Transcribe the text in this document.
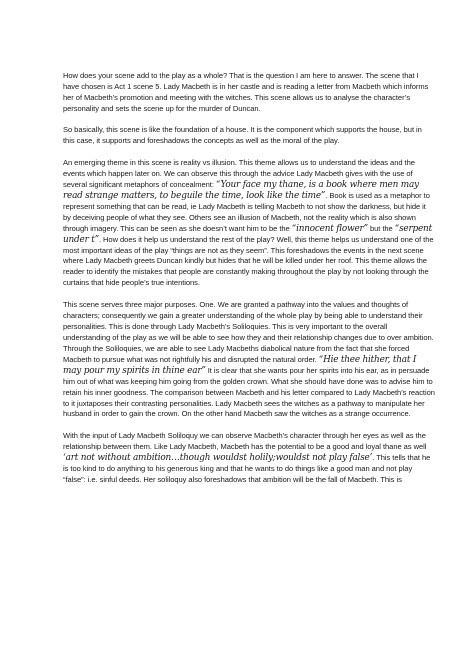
How does your scene add to the play as a whole? That is the question I am here to answer. The scene that I have chosen is Act 1 scene 5. Lady Macbeth is in her castle and is reading a letter from Macbeth which informs her of Macbeth’s promotion and meeting with the witches. This scene allows us to analyse the character’s personality and sets the scene up for the murder of Duncan.

So basically, this scene is like the foundation of a house. It is the component which supports the house, but in this case, it supports and foreshadows the concepts as well as the moral of the play.

An emerging theme in this scene is reality vs illusion. This theme allows us to understand the ideas and the events which happen later on. We can observe this through the advice Lady Macbeth gives with the use of several significant metaphors of concealment: “Your face my thane, is a book where men may read strange matters, to beguile the time, look like the time”. Book is used as a metaphor to represent something that can be read, ie Lady Macbeth is telling Macbeth to not show the darkness, but hide it by deceiving people of what they see. Others see an illusion of Macbeth, not the reality which is also shown through imagery. This can be seen as she doesn’t want him to be the “innocent flower” but the “serpent under t”. How does it help us understand the rest of the play? Well, this theme helps us understand one of the most important ideas of the play “things are not as they seem”. This foreshadows the events in the next scene where Lady Macbeth greets Duncan kindly but hides that he will be killed under her roof. This theme allows the reader to identify the mistakes that people are constantly making throughout the play by not looking through the curtains that hide people’s true intentions.

This scene serves three major purposes. One. We are granted a pathway into the values and thoughts of characters; consequently we gain a greater understanding of the whole play by being able to understand their personalities. This is done through Lady Macbeth’s Soliloquies. This is very important to the overall understanding of the play as we will be able to see how they and their relationship changes due to over ambition. Through the Soliloquies, we are able to see Lady Macbeths diabolical nature from the fact that she forced Macbeth to pursue what was not rightfully his and disrupted the natural order. “Hie thee hither, that I may pour my spirits in thine ear” It is clear that she wants pour her spirits into his ear, as in persuade him out of what was keeping him going from the golden crown. What she should have done was to advise him to retain his inner goodness. The comparison between Macbeth and his letter compared to Lady Macbeth’s reaction to it juxtaposes their contrasting personalities. Lady Macbeth sees the witches as a pathway to manipulate her husband in order to gain the crown. On the other hand Macbeth saw the witches as a strange occurrence.

With the input of Lady Macbeth Soliloquy we can observe Macbeth’s character through her eyes as well as the relationship between them. Like Lady Macbeth, Macbeth has the potential to be a good and loyal thane as well ‘art not without ambition…though wouldst holily;wouldst not play false’. This tells that he is too kind to do anything to his generous king and that he wants to do things like a good man and not play “false”: i.e. sinful deeds. Her soliloquy also foreshadows that ambition will be the fall of Macbeth. This is
